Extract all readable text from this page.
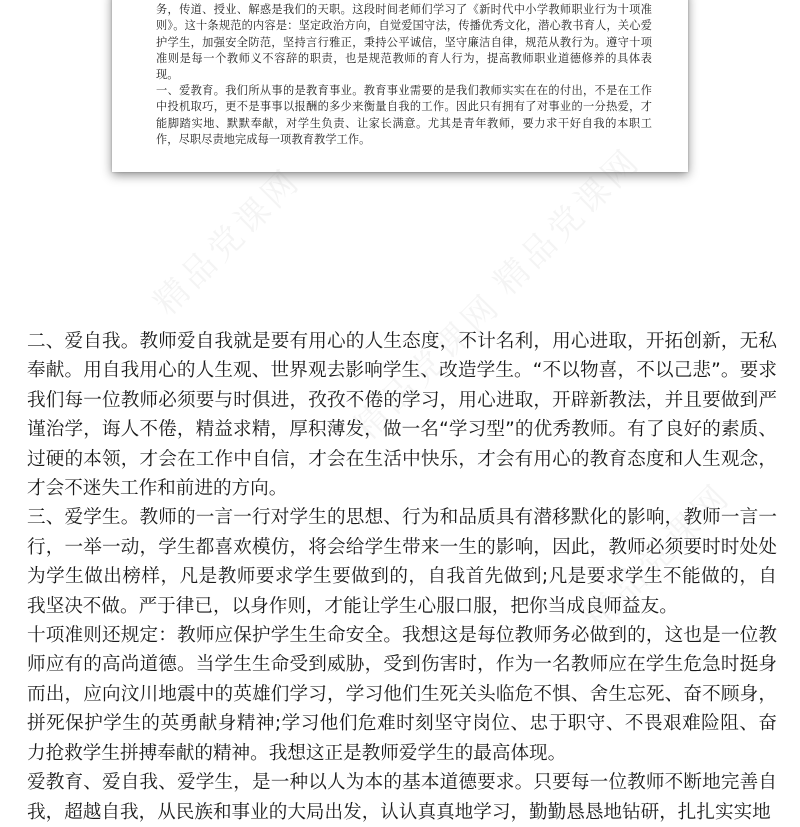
务，传道、授业、解惑是我们的天职。这段时间老师们学习了《新时代中小学教师职业行为十项准则》。这十条规范的内容是：坚定政治方向，自觉爱国守法，传播优秀文化，潜心教书育人，关心爱护学生，加强安全防范，坚持言行雅正，秉持公平诚信，坚守廉洁自律，规范从教行为。遵守十项准则是每一个教师义不容辞的职责，也是规范教师的育人行为，提高教师职业道德修养的具体表现。

一、爱教育。我们所从事的是教育事业。教育事业需要的是我们教师实实在在的付出，不是在工作中投机取巧，更不是事事以报酬的多少来衡量自我的工作。因此只有拥有了对事业的一分热爱，才能脚踏实地、默默奉献，对学生负责、让家长满意。尤其是青年教师，要力求干好自我的本职工作，尽职尽责地完成每一项教育教学工作。

精品党课网	精品党课网
精品党课网
精品党课网

二、爱自我。教师爱自我就是要有用心的人生态度，不计名利，用心进取，开拓创新，无私奉献。用自我用心的人生观、世界观去影响学生、改造学生。“不以物喜，不以己悲”。要求我们每一位教师必须要与时俱进，孜孜不倦的学习，用心进取，开辟新教法，并且要做到严谨治学，诲人不倦，精益求精，厚积薄发，做一名“学习型”的优秀教师。有了良好的素质、过硬的本领，才会在工作中自信，才会在生活中快乐，才会有用心的教育态度和人生观念，才会不迷失工作和前进的方向。

三、爱学生。教师的一言一行对学生的思想、行为和品质具有潜移默化的影响，教师一言一行，一举一动，学生都喜欢模仿，将会给学生带来一生的影响，因此，教师必须要时时处处为学生做出榜样，凡是教师要求学生要做到的，自我首先做到;凡是要求学生不能做的，自我坚决不做。严于律已，以身作则，才能让学生心服口服，把你当成良师益友。

十项准则还规定：教师应保护学生生命安全。我想这是每位教师务必做到的，这也是一位教师应有的高尚道德。当学生生命受到威胁，受到伤害时，作为一名教师应在学生危急时挺身而出，应向汶川地震中的英雄们学习，学习他们生死关头临危不惧、舍生忘死、奋不顾身，拼死保护学生的英勇献身精神;学习他们危难时刻坚守岗位、忠于职守、不畏艰难险阻、奋力抢救学生拼搏奉献的精神。我想这正是教师爱学生的最高体现。

爱教育、爱自我、爱学生，是一种以人为本的基本道德要求。只要每一位教师不断地完善自我，超越自我，从民族和事业的大局出发，认认真真地学习，勤勤恳恳地钻研，扎扎实实地
